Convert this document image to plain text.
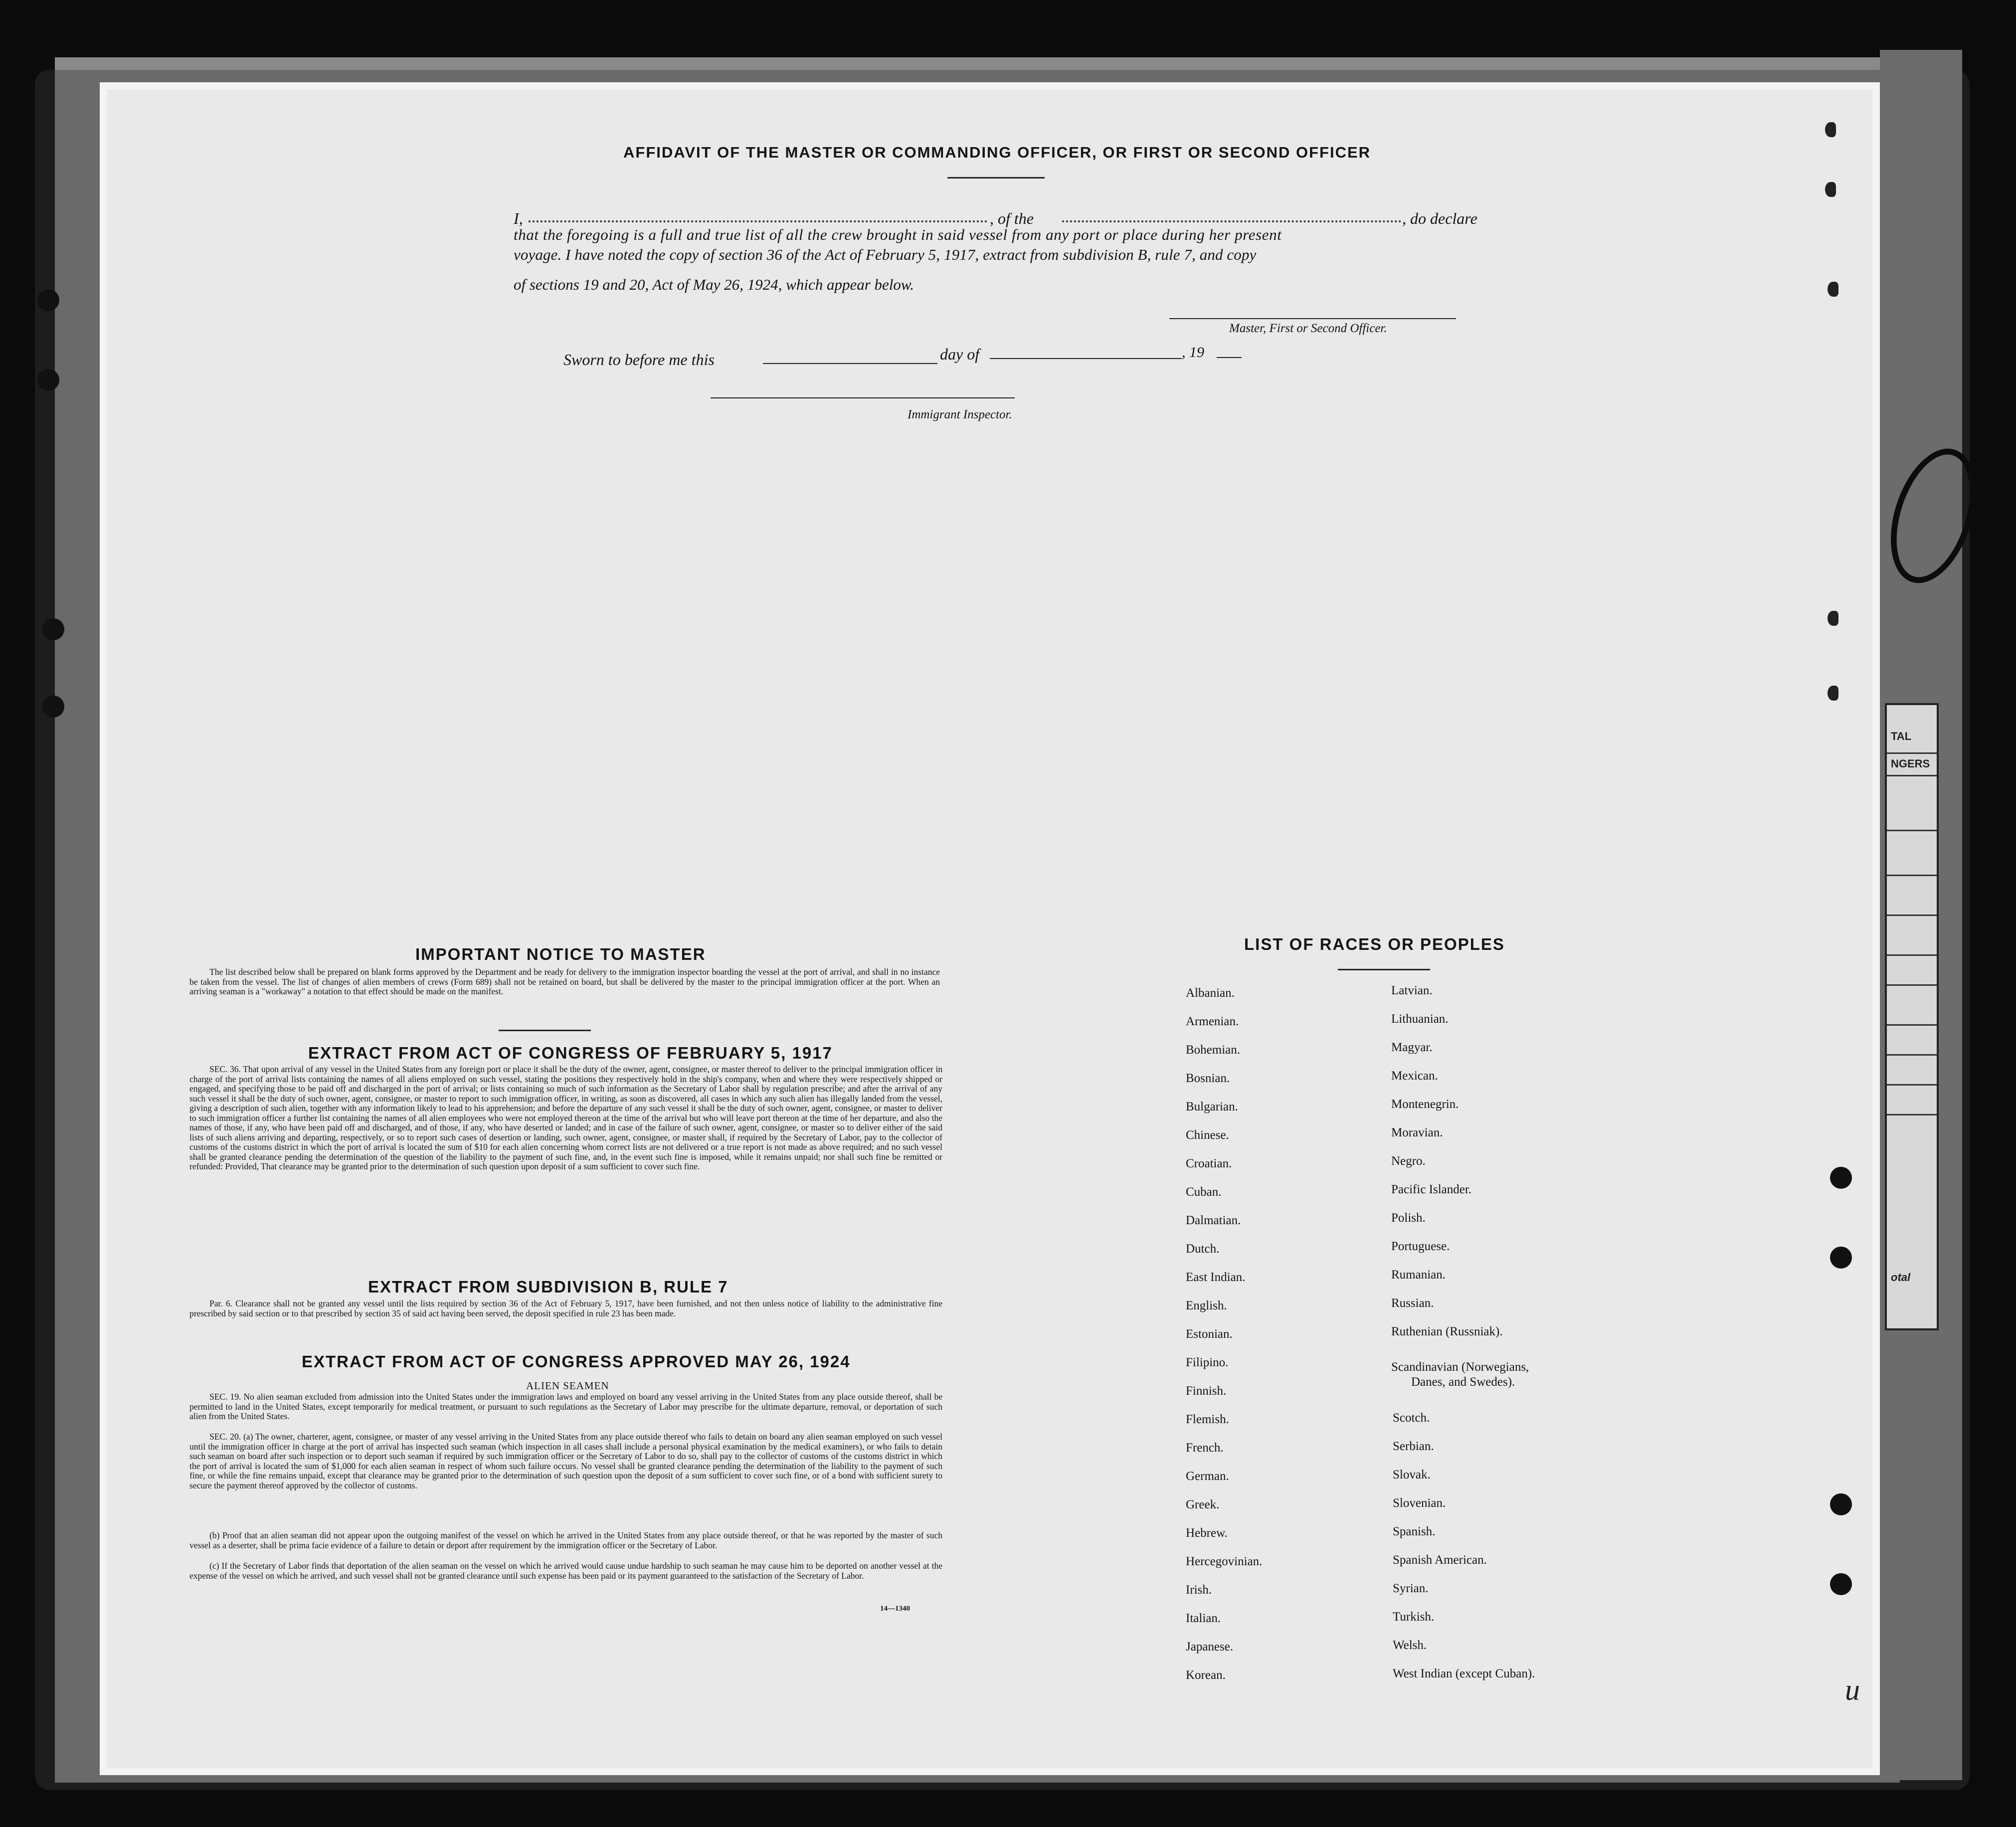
TAL
NGERS
otal
AFFIDAVIT OF THE MASTER OR COMMANDING OFFICER, OR FIRST OR SECOND OFFICER
I,	, of the	, do declare
that the foregoing is a full and true list of all the crew brought in said vessel from any port or place during her present
voyage. I have noted the copy of section 36 of the Act of February 5, 1917, extract from subdivision B, rule 7, and copy
of sections 19 and 20, Act of May 26, 1924, which appear below.
Master, First or Second Officer.
Sworn to before me this	day of	, 19
Immigrant Inspector.
IMPORTANT NOTICE TO MASTER
The list described below shall be prepared on blank forms approved by the Department and be ready for delivery to the immigration inspector boarding the vessel at the port of arrival, and shall in no instance be taken from the vessel. The list of changes of alien members of crews (Form 689) shall not be retained on board, but shall be delivered by the master to the principal immigration officer at the port. When an arriving seaman is a "workaway" a notation to that effect should be made on the manifest.
EXTRACT FROM ACT OF CONGRESS OF FEBRUARY 5, 1917
SEC. 36. That upon arrival of any vessel in the United States from any foreign port or place it shall be the duty of the owner, agent, consignee, or master thereof to deliver to the principal immigration officer in charge of the port of arrival lists containing the names of all aliens employed on such vessel, stating the positions they respectively hold in the ship's company, when and where they were respectively shipped or engaged, and specifying those to be paid off and discharged in the port of arrival; or lists containing so much of such information as the Secretary of Labor shall by regulation prescribe; and after the arrival of any such vessel it shall be the duty of such owner, agent, consignee, or master to report to such immigration officer, in writing, as soon as discovered, all cases in which any such alien has illegally landed from the vessel, giving a description of such alien, together with any information likely to lead to his apprehension; and before the departure of any such vessel it shall be the duty of such owner, agent, consignee, or master to deliver to such immigration officer a further list containing the names of all alien employees who were not employed thereon at the time of the arrival but who will leave port thereon at the time of her departure, and also the names of those, if any, who have been paid off and discharged, and of those, if any, who have deserted or landed; and in case of the failure of such owner, agent, consignee, or master so to deliver either of the said lists of such aliens arriving and departing, respectively, or so to report such cases of desertion or landing, such owner, agent, consignee, or master shall, if required by the Secretary of Labor, pay to the collector of customs of the customs district in which the port of arrival is located the sum of $10 for each alien concerning whom correct lists are not delivered or a true report is not made as above required; and no such vessel shall be granted clearance pending the determination of the question of the liability to the payment of such fine, and, in the event such fine is imposed, while it remains unpaid; nor shall such fine be remitted or refunded: Provided, That clearance may be granted prior to the determination of such question upon deposit of a sum sufficient to cover such fine.
EXTRACT FROM SUBDIVISION B, RULE 7
Par. 6. Clearance shall not be granted any vessel until the lists required by section 36 of the Act of February 5, 1917, have been furnished, and not then unless notice of liability to the administrative fine prescribed by said section or to that prescribed by section 35 of said act having been served, the deposit specified in rule 23 has been made.
EXTRACT FROM ACT OF CONGRESS APPROVED MAY 26, 1924
ALIEN SEAMEN
SEC. 19. No alien seaman excluded from admission into the United States under the immigration laws and employed on board any vessel arriving in the United States from any place outside thereof, shall be permitted to land in the United States, except temporarily for medical treatment, or pursuant to such regulations as the Secretary of Labor may prescribe for the ultimate departure, removal, or deportation of such alien from the United States.
SEC. 20. (a) The owner, charterer, agent, consignee, or master of any vessel arriving in the United States from any place outside thereof who fails to detain on board any alien seaman employed on such vessel until the immigration officer in charge at the port of arrival has inspected such seaman (which inspection in all cases shall include a personal physical examination by the medical examiners), or who fails to detain such seaman on board after such inspection or to deport such seaman if required by such immigration officer or the Secretary of Labor to do so, shall pay to the collector of customs of the customs district in which the port of arrival is located the sum of $1,000 for each alien seaman in respect of whom such failure occurs. No vessel shall be granted clearance pending the determination of the liability to the payment of such fine, or while the fine remains unpaid, except that clearance may be granted prior to the determination of such question upon the deposit of a sum sufficient to cover such fine, or of a bond with sufficient surety to secure the payment thereof approved by the collector of customs.
(b) Proof that an alien seaman did not appear upon the outgoing manifest of the vessel on which he arrived in the United States from any place outside thereof, or that he was reported by the master of such vessel as a deserter, shall be prima facie evidence of a failure to detain or deport after requirement by the immigration officer or the Secretary of Labor.
(c) If the Secretary of Labor finds that deportation of the alien seaman on the vessel on which he arrived would cause undue hardship to such seaman he may cause him to be deported on another vessel at the expense of the vessel on which he arrived, and such vessel shall not be granted clearance until such expense has been paid or its payment guaranteed to the satisfaction of the Secretary of Labor.
14—1340
LIST OF RACES OR PEOPLES
Albanian.
Armenian.
Bohemian.
Bosnian.
Bulgarian.
Chinese.
Croatian.
Cuban.
Dalmatian.
Dutch.
East Indian.
English.
Estonian.
Filipino.
Finnish.
Flemish.
French.
German.
Greek.
Hebrew.
Hercegovinian.
Irish.
Italian.
Japanese.
Korean.
Latvian.
Lithuanian.
Magyar.
Mexican.
Montenegrin.
Moravian.
Negro.
Pacific Islander.
Polish.
Portuguese.
Rumanian.
Russian.
Ruthenian (Russniak).
Scandinavian (Norwegians,
Danes, and Swedes).
Scotch.
Serbian.
Slovak.
Slovenian.
Spanish.
Spanish American.
Syrian.
Turkish.
Welsh.
West Indian (except Cuban).	u
